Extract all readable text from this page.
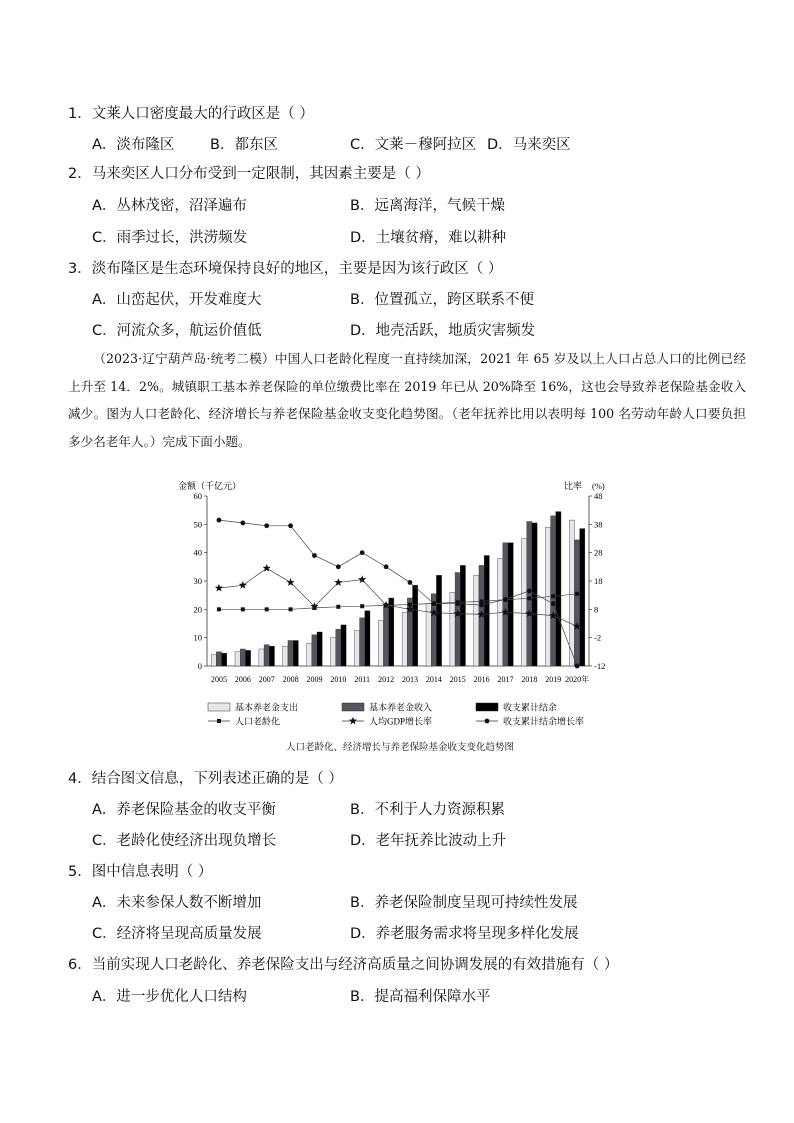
1．文莱人口密度最大的行政区是（ ）
A．淡布隆区 B．都东区	C．文莱－穆阿拉区 D．马来奕区
2．马来奕区人口分布受到一定限制，其因素主要是（ ）
A．丛林茂密，沼泽遍布	B．远离海洋，气候干燥
C．雨季过长，洪涝频发	D．土壤贫瘠，难以耕种
3．淡布隆区是生态环境保持良好的地区，主要是因为该行政区（ ）
A．山峦起伏，开发难度大	B．位置孤立，跨区联系不便
C．河流众多，航运价值低	D．地壳活跃，地质灾害频发

（2023·辽宁葫芦岛·统考二模）中国人口老龄化程度一直持续加深，2021 年 65 岁及以上人口占总人口的比例已经上升至 14．2%。城镇职工基本养老保险的单位缴费比率在 2019 年已从 20%降至 16%，这也会导致养老保险基金收入减少。图为人口老龄化、经济增长与养老保险基金收支变化趋势图。（老年抚养比用以表明每 100 名劳动年龄人口要负担多少名老年人。）完成下面小题。

0
10
20
30
40
50
60
-12
-2
8
18
28
38
48
金额（千亿元）	比率 (%)
2005 2006 2007 2008 2009 2010 2011 2012 2013 2014 2015 2016 2017 2018 2019 2020年
基本养老金支出	基本养老金收入	收支累计结余
人口老龄化	人均GDP增长率	收支累计结余增长率
人口老龄化、经济增长与养老保险基金收支变化趋势图
4．结合图文信息，下列表述正确的是（ ）
A．养老保险基金的收支平衡	B．不利于人力资源积累
C．老龄化使经济出现负增长	D．老年抚养比波动上升
5．图中信息表明（ ）
A．未来参保人数不断增加	B．养老保险制度呈现可持续性发展
C．经济将呈现高质量发展	D．养老服务需求将呈现多样化发展
6．当前实现人口老龄化、养老保险支出与经济高质量之间协调发展的有效措施有（ ）
A．进一步优化人口结构	B．提高福利保障水平
